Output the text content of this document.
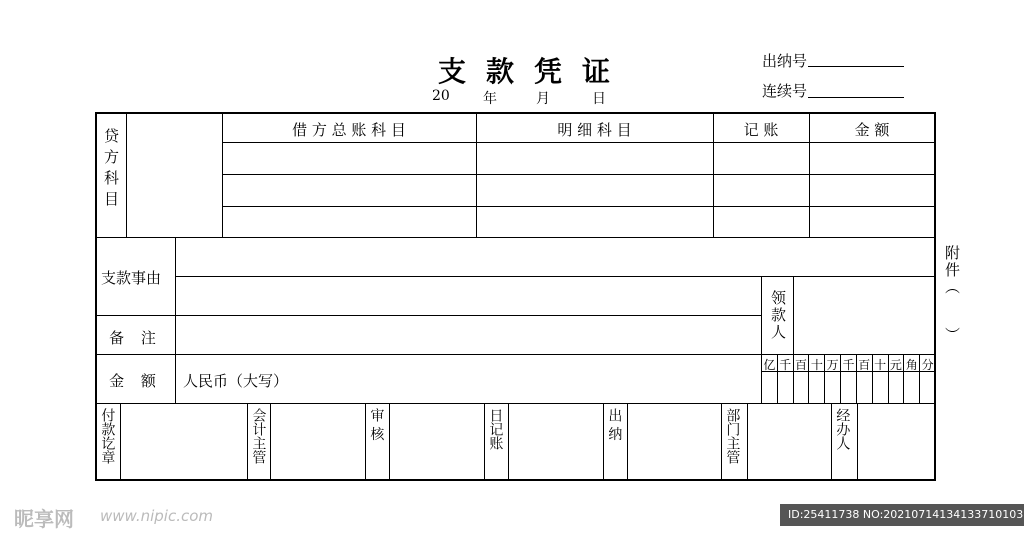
支款凭证
20 年	月	日
出纳号
连续号
贷方科目	借 方 总 账 科 目	明 细 科 目	记 账	金 额
支款事由
备 注	领款人
金 额	人民币（大写）
亿 千 百 十 万 千 百 十 元 角 分
附件（
）
付款讫章	会计主管	审 核	日记账	出 纳	部门主管	经办人
昵享网 www.nipic.com	ID:25411738 NO:20210714134133710103
